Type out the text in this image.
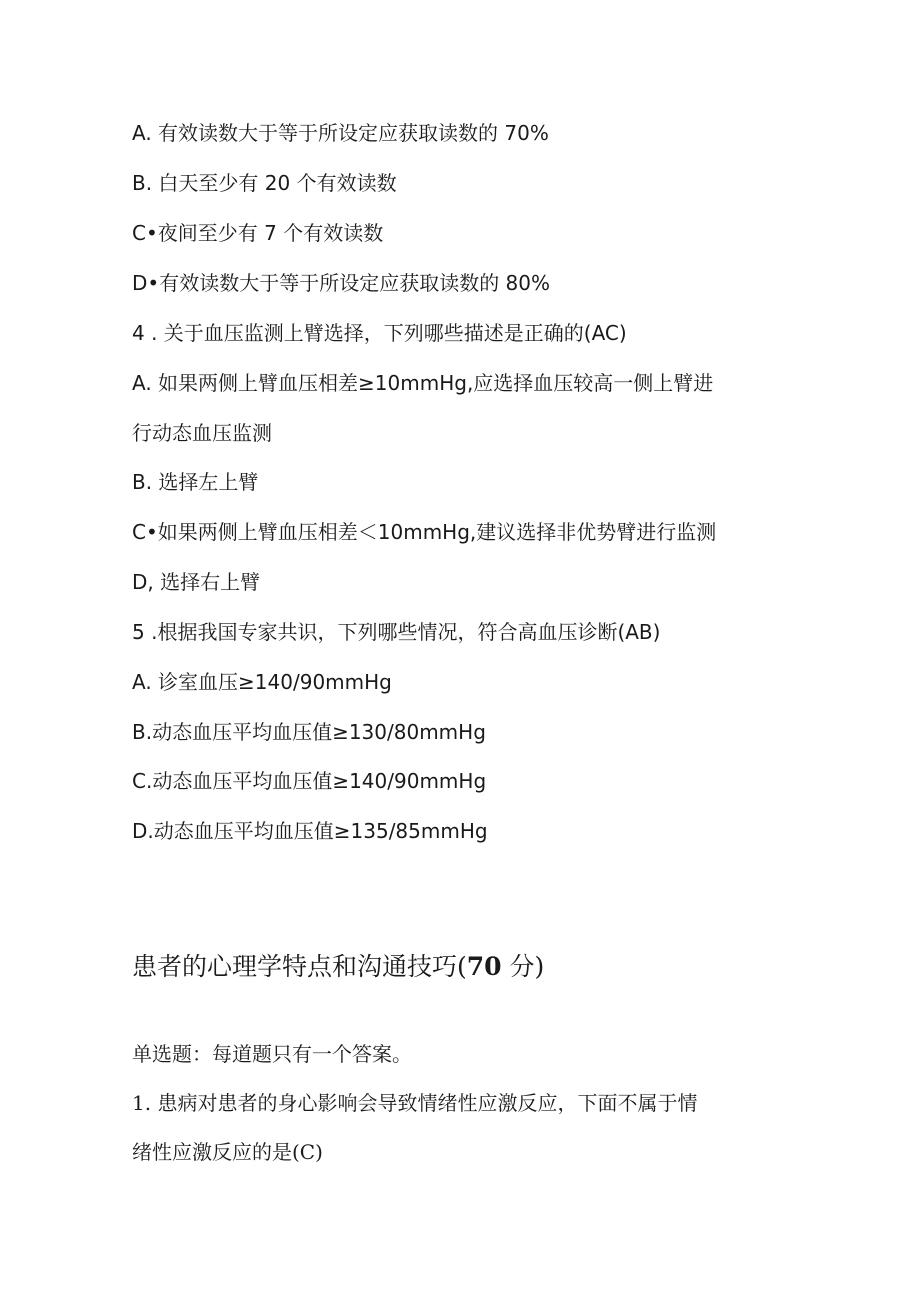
A. 有效读数大于等于所设定应获取读数的 70%
B. 白天至少有 20 个有效读数
C•夜间至少有 7 个有效读数
D•有效读数大于等于所设定应获取读数的 80%
4 . 关于血压监测上臂选择，下列哪些描述是正确的(AC)
A. 如果两侧上臂血压相差≥10mmHg,应选择血压较高一侧上臂进
行动态血压监测
B. 选择左上臂
C•如果两侧上臂血压相差＜10mmHg,建议选择非优势臂进行监测
D, 选择右上臂
5 .根据我国专家共识，下列哪些情况，符合高血压诊断(AB)
A. 诊室血压≥140/90mmHg
B.动态血压平均血压值≥130/80mmHg
C.动态血压平均血压值≥140/90mmHg
D.动态血压平均血压值≥135/85mmHg
患者的心理学特点和沟通技巧(70 分)
单选题：每道题只有一个答案。
1. 患病对患者的身心影响会导致情绪性应激反应，下面不属于情
绪性应激反应的是(C)
